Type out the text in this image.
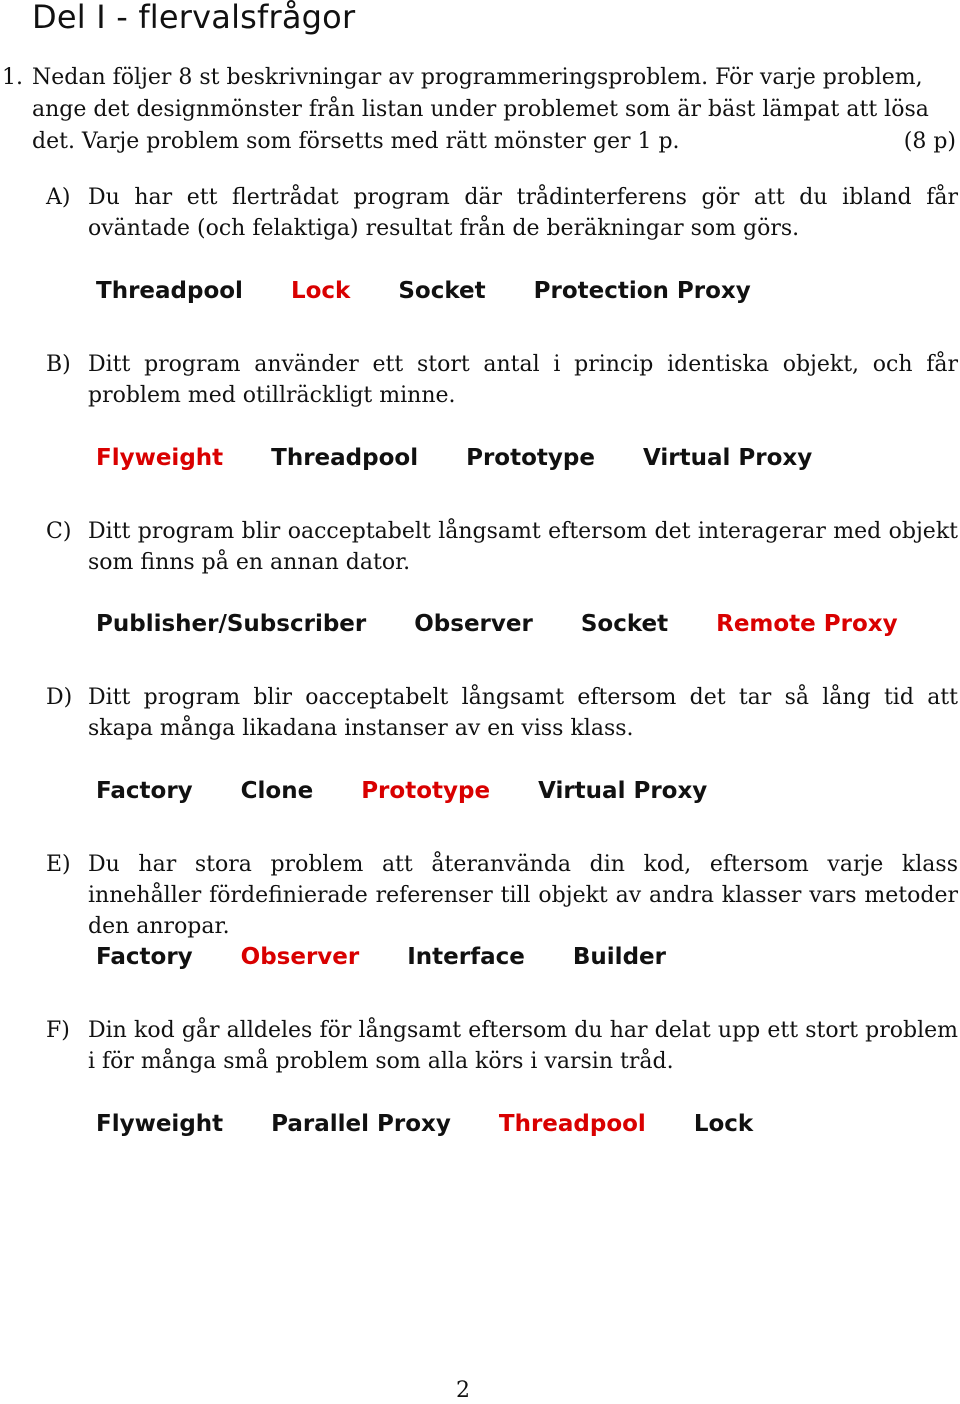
Del I - flervalsfrågor
1. Nedan följer 8 st beskrivningar av programmeringsproblem. För varje problem, ange det designmönster från listan under problemet som är bäst lämpat att lösa det. Varje problem som försetts med rätt mönster ger 1 p.	(8 p)
A) Du har ett flertrådat program där trådinterferens gör att du ibland får oväntade (och felaktiga) resultat från de beräkningar som görs.
Threadpool Lock Socket Protection Proxy
B) Ditt program använder ett stort antal i princip identiska objekt, och får problem med otillräckligt minne.
Flyweight Threadpool Prototype Virtual Proxy
C) Ditt program blir oacceptabelt långsamt eftersom det interagerar med objekt som finns på en annan dator.
Publisher/Subscriber Observer Socket Remote Proxy
D) Ditt program blir oacceptabelt långsamt eftersom det tar så lång tid att skapa många likadana instanser av en viss klass.
Factory Clone Prototype Virtual Proxy
E) Du har stora problem att återanvända din kod, eftersom varje klass innehåller fördefinierade referenser till objekt av andra klasser vars metoder den anropar.
Factory Observer Interface Builder
F) Din kod går alldeles för långsamt eftersom du har delat upp ett stort problem i för många små problem som alla körs i varsin tråd.
Flyweight Parallel Proxy Threadpool Lock
2
